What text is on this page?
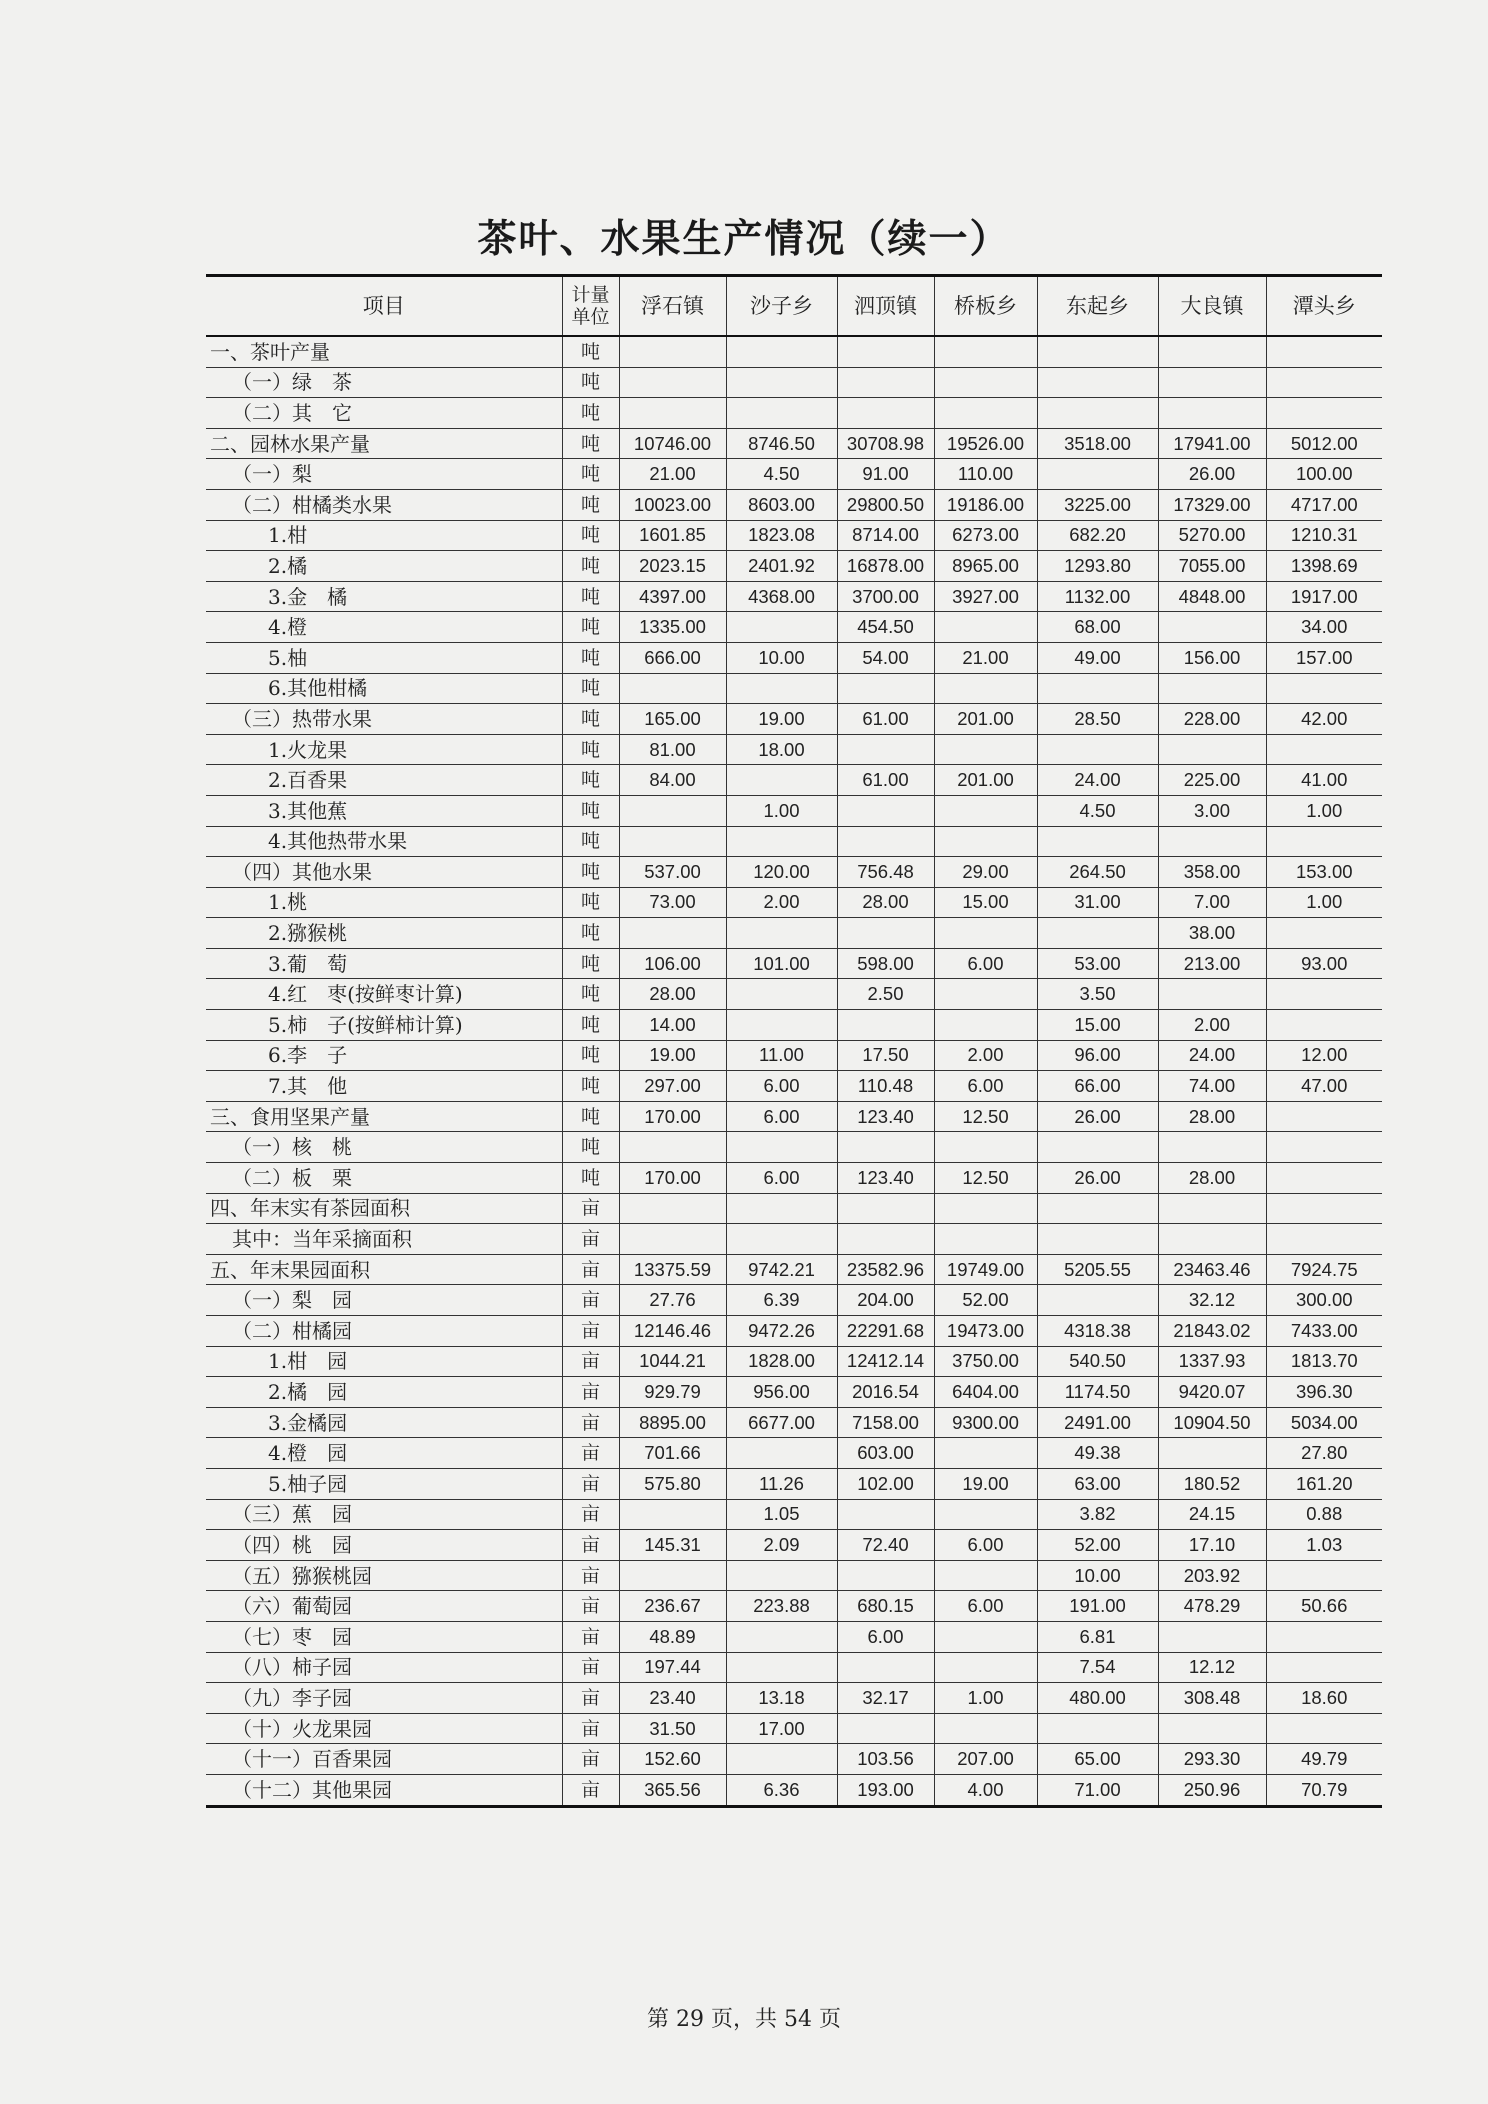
茶叶、水果生产情况（续一）
项目	计量单位	浮石镇	沙子乡	泗顶镇	桥板乡	东起乡	大良镇	潭头乡
一、茶叶产量	吨							
（一）绿　茶	吨							
（二）其　它	吨							
二、园林水果产量	吨	10746.00	8746.50	30708.98	19526.00	3518.00	17941.00	5012.00
（一）梨	吨	21.00	4.50	91.00	110.00		26.00	100.00
（二）柑橘类水果	吨	10023.00	8603.00	29800.50	19186.00	3225.00	17329.00	4717.00
1.柑	吨	1601.85	1823.08	8714.00	6273.00	682.20	5270.00	1210.31
2.橘	吨	2023.15	2401.92	16878.00	8965.00	1293.80	7055.00	1398.69
3.金　橘	吨	4397.00	4368.00	3700.00	3927.00	1132.00	4848.00	1917.00
4.橙	吨	1335.00		454.50		68.00		34.00
5.柚	吨	666.00	10.00	54.00	21.00	49.00	156.00	157.00
6.其他柑橘	吨							
（三）热带水果	吨	165.00	19.00	61.00	201.00	28.50	228.00	42.00
1.火龙果	吨	81.00	18.00					
2.百香果	吨	84.00		61.00	201.00	24.00	225.00	41.00
3.其他蕉	吨		1.00			4.50	3.00	1.00
4.其他热带水果	吨							
（四）其他水果	吨	537.00	120.00	756.48	29.00	264.50	358.00	153.00
1.桃	吨	73.00	2.00	28.00	15.00	31.00	7.00	1.00
2.猕猴桃	吨						38.00	
3.葡　萄	吨	106.00	101.00	598.00	6.00	53.00	213.00	93.00
4.红　枣(按鲜枣计算)	吨	28.00		2.50		3.50		
5.柿　子(按鲜柿计算)	吨	14.00				15.00	2.00	
6.李　子	吨	19.00	11.00	17.50	2.00	96.00	24.00	12.00
7.其　他	吨	297.00	6.00	110.48	6.00	66.00	74.00	47.00
三、食用坚果产量	吨	170.00	6.00	123.40	12.50	26.00	28.00	
（一）核　桃	吨							
（二）板　栗	吨	170.00	6.00	123.40	12.50	26.00	28.00	
四、年末实有茶园面积	亩							
其中：当年采摘面积	亩							
五、年末果园面积	亩	13375.59	9742.21	23582.96	19749.00	5205.55	23463.46	7924.75
（一）梨　园	亩	27.76	6.39	204.00	52.00		32.12	300.00
（二）柑橘园	亩	12146.46	9472.26	22291.68	19473.00	4318.38	21843.02	7433.00
1.柑　园	亩	1044.21	1828.00	12412.14	3750.00	540.50	1337.93	1813.70
2.橘　园	亩	929.79	956.00	2016.54	6404.00	1174.50	9420.07	396.30
3.金橘园	亩	8895.00	6677.00	7158.00	9300.00	2491.00	10904.50	5034.00
4.橙　园	亩	701.66		603.00		49.38		27.80
5.柚子园	亩	575.80	11.26	102.00	19.00	63.00	180.52	161.20
（三）蕉　园	亩		1.05			3.82	24.15	0.88
（四）桃　园	亩	145.31	2.09	72.40	6.00	52.00	17.10	1.03
（五）猕猴桃园	亩					10.00	203.92	
（六）葡萄园	亩	236.67	223.88	680.15	6.00	191.00	478.29	50.66
（七）枣　园	亩	48.89		6.00		6.81		
（八）柿子园	亩	197.44				7.54	12.12	
（九）李子园	亩	23.40	13.18	32.17	1.00	480.00	308.48	18.60
（十）火龙果园	亩	31.50	17.00					
（十一）百香果园	亩	152.60		103.56	207.00	65.00	293.30	49.79
（十二）其他果园	亩	365.56	6.36	193.00	4.00	71.00	250.96	70.79
第 29 页，共 54 页
